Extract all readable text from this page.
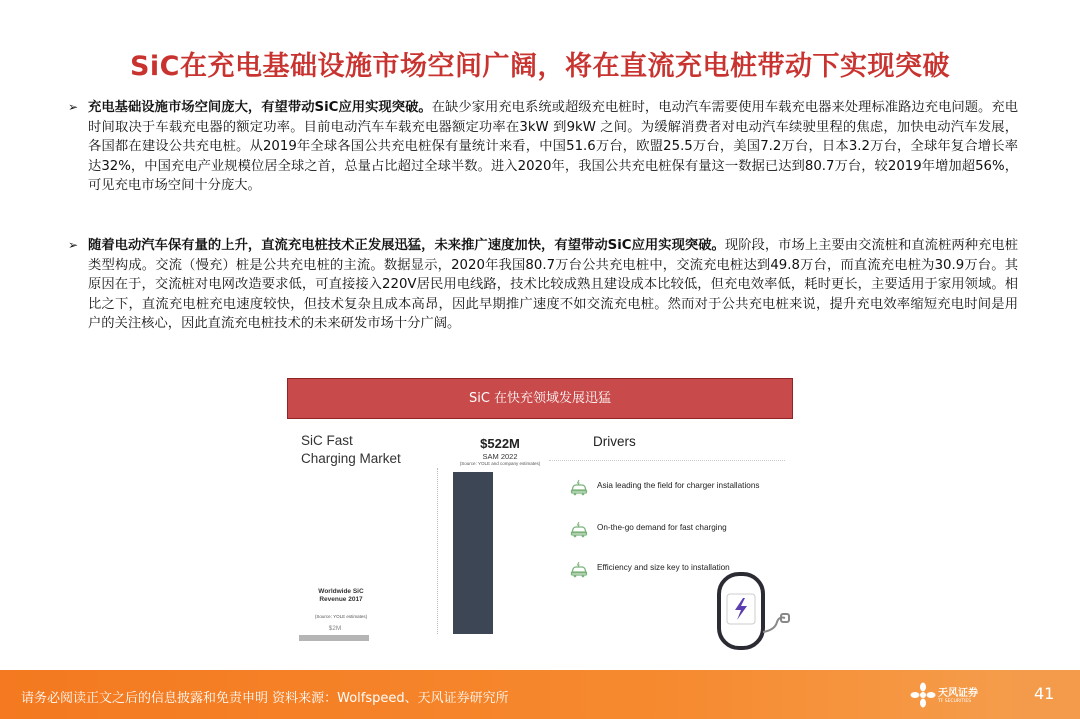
SiC在充电基础设施市场空间广阔，将在直流充电桩带动下实现突破
➢ 充电基础设施市场空间庞大，有望带动SiC应用实现突破。在缺少家用充电系统或超级充电桩时，电动汽车需要使用车载充电器来处理标准路边充电问题。充电时间取决于车载充电器的额定功率。目前电动汽车车载充电器额定功率在3kW 到9kW 之间。为缓解消费者对电动汽车续驶里程的焦虑，加快电动汽车发展，各国都在建设公共充电桩。从2019年全球各国公共充电桩保有量统计来看，中国51.6万台，欧盟25.5万台，美国7.2万台，日本3.2万台，全球年复合增长率达32%，中国充电产业规模位居全球之首，总量占比超过全球半数。进入2020年，我国公共充电桩保有量这一数据已达到80.7万台，较2019年增加超56%，可见充电市场空间十分庞大。
➢ 随着电动汽车保有量的上升，直流充电桩技术正发展迅猛，未来推广速度加快，有望带动SiC应用实现突破。现阶段，市场上主要由交流桩和直流桩两种充电桩类型构成。交流（慢充）桩是公共充电桩的主流。数据显示，2020年我国80.7万台公共充电桩中，交流充电桩达到49.8万台，而直流充电桩为30.9万台。其原因在于，交流桩对电网改造要求低，可直接接入220V居民用电线路，技术比较成熟且建设成本比较低，但充电效率低，耗时更长，主要适用于家用领域。相比之下，直流充电桩充电速度较快，但技术复杂且成本高昂，因此早期推广速度不如交流充电桩。然而对于公共充电桩来说，提升充电效率缩短充电时间是用户的关注核心，因此直流充电桩技术的未来研发市场十分广阔。
SiC 在快充领域发展迅猛
SiC Fast
Charging Market
$522M
SAM 2022
(Source: YOLE and company estimates)
Worldwide SiC
Revenue 2017
(Source: YOLE estimates)
$2M
Drivers
Asia leading the field for charger installations
On-the-go demand for fast charging
Efficiency and size key to installation
请务必阅读正文之后的信息披露和免责申明 资料来源：Wolfspeed、天风证券研究所	天风证券
TF SECURITIES	41
